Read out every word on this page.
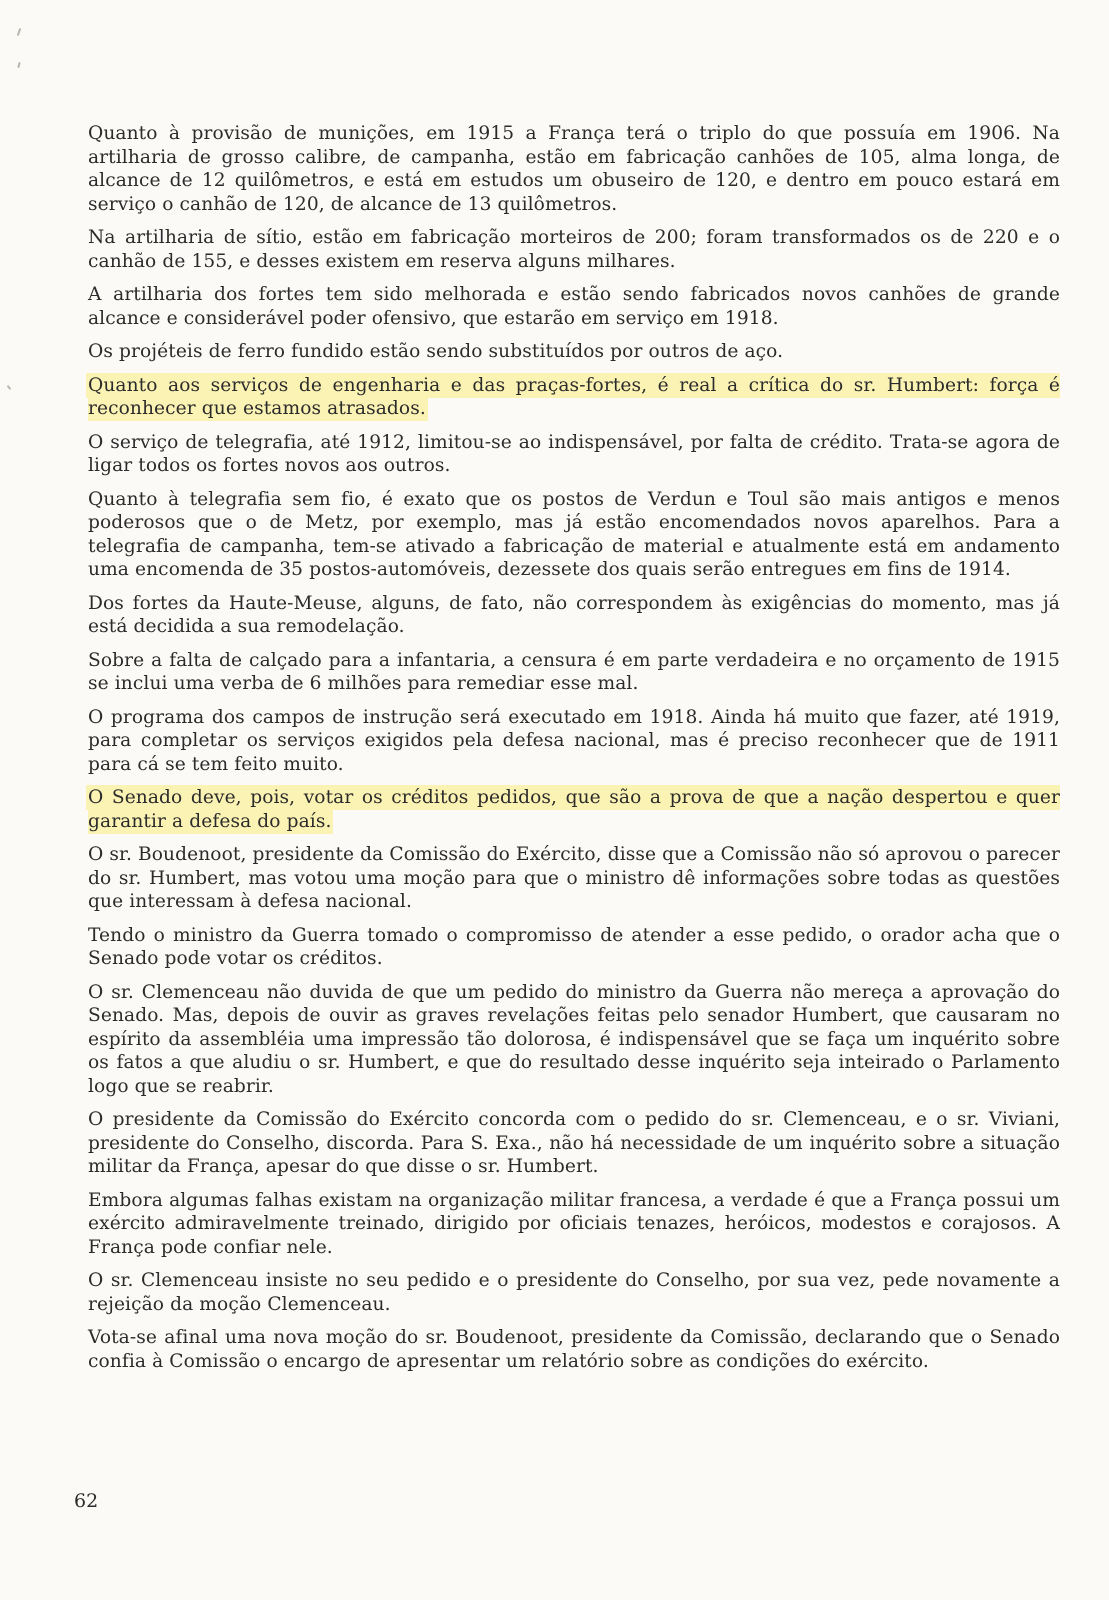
Quanto à provisão de munições, em 1915 a França terá o triplo do que possuía em 1906. Na artilharia de grosso calibre, de campanha, estão em fabricação canhões de 105, alma longa, de alcance de 12 quilômetros, e está em estudos um obuseiro de 120, e dentro em pouco estará em serviço o canhão de 120, de alcance de 13 quilômetros.

Na artilharia de sítio, estão em fabricação morteiros de 200; foram transformados os de 220 e o canhão de 155, e desses existem em reserva alguns milhares.

A artilharia dos fortes tem sido melhorada e estão sendo fabricados novos canhões de grande alcance e considerável poder ofensivo, que estarão em serviço em 1918.

Os projéteis de ferro fundido estão sendo substituídos por outros de aço.

Quanto aos serviços de engenharia e das praças-fortes, é real a crítica do sr. Humbert: força é reconhecer que estamos atrasados.

O serviço de telegrafia, até 1912, limitou-se ao indispensável, por falta de crédito. Trata-se agora de ligar todos os fortes novos aos outros.

Quanto à telegrafia sem fio, é exato que os postos de Verdun e Toul são mais antigos e menos poderosos que o de Metz, por exemplo, mas já estão encomendados novos aparelhos. Para a telegrafia de campanha, tem-se ativado a fabricação de material e atualmente está em andamento uma encomenda de 35 postos-automóveis, dezessete dos quais serão entregues em fins de 1914.

Dos fortes da Haute-Meuse, alguns, de fato, não correspondem às exigências do momento, mas já está decidida a sua remodelação.

Sobre a falta de calçado para a infantaria, a censura é em parte verdadeira e no orçamento de 1915 se inclui uma verba de 6 milhões para remediar esse mal.

O programa dos campos de instrução será executado em 1918. Ainda há muito que fazer, até 1919, para completar os serviços exigidos pela defesa nacional, mas é preciso reconhecer que de 1911 para cá se tem feito muito.

O Senado deve, pois, votar os créditos pedidos, que são a prova de que a nação despertou e quer garantir a defesa do país.

O sr. Boudenoot, presidente da Comissão do Exército, disse que a Comissão não só aprovou o parecer do sr. Humbert, mas votou uma moção para que o ministro dê informações sobre todas as questões que interessam à defesa nacional.

Tendo o ministro da Guerra tomado o compromisso de atender a esse pedido, o orador acha que o Senado pode votar os créditos.

O sr. Clemenceau não duvida de que um pedido do ministro da Guerra não mereça a aprovação do Senado. Mas, depois de ouvir as graves revelações feitas pelo senador Humbert, que causaram no espírito da assembléia uma impressão tão dolorosa, é indispensável que se faça um inquérito sobre os fatos a que aludiu o sr. Humbert, e que do resultado desse inquérito seja inteirado o Parlamento logo que se reabrir.

O presidente da Comissão do Exército concorda com o pedido do sr. Clemenceau, e o sr. Viviani, presidente do Conselho, discorda. Para S. Exa., não há necessidade de um inquérito sobre a situação militar da França, apesar do que disse o sr. Humbert.

Embora algumas falhas existam na organização militar francesa, a verdade é que a França possui um exército admiravelmente treinado, dirigido por oficiais tenazes, heróicos, modestos e corajosos. A França pode confiar nele.

O sr. Clemenceau insiste no seu pedido e o presidente do Conselho, por sua vez, pede novamente a rejeição da moção Clemenceau.

Vota-se afinal uma nova moção do sr. Boudenoot, presidente da Comissão, declarando que o Senado confia à Comissão o encargo de apresentar um relatório sobre as condições do exército.

62
